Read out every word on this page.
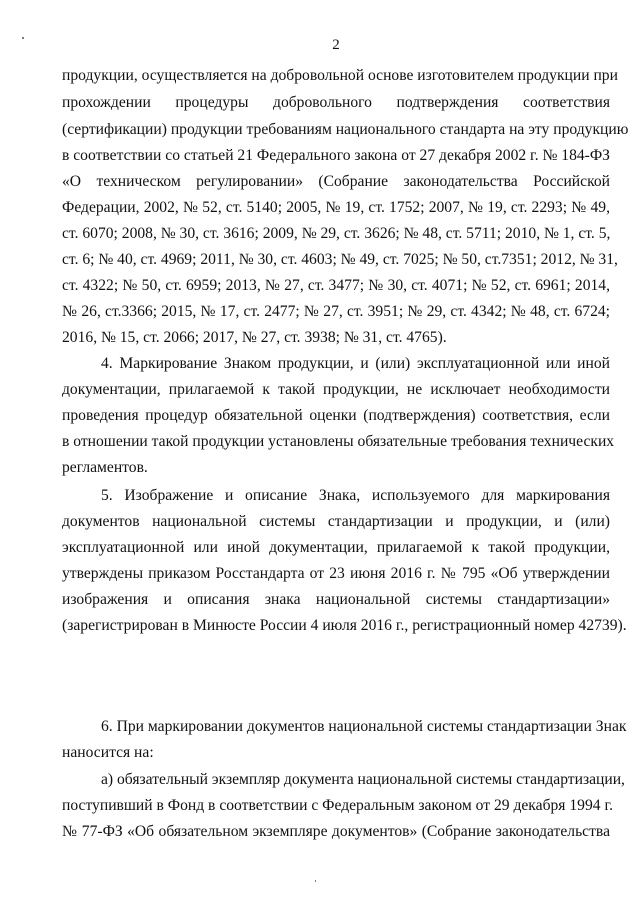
2
продукции, осуществляется на добровольной основе изготовителем продукции при
прохождении процедуры добровольного подтверждения соответствия
(сертификации) продукции требованиям национального стандарта на эту продукцию
в соответствии со статьей 21 Федерального закона от 27 декабря 2002 г. № 184-ФЗ
«О техническом регулировании» (Собрание законодательства Российской
Федерации, 2002, № 52, ст. 5140; 2005, № 19, ст. 1752; 2007, № 19, ст. 2293; № 49,
ст. 6070; 2008, № 30, ст. 3616; 2009, № 29, ст. 3626; № 48, ст. 5711; 2010, № 1, ст. 5,
ст. 6; № 40, ст. 4969; 2011, № 30, ст. 4603; № 49, ст. 7025; № 50, ст.7351; 2012, № 31,
ст. 4322; № 50, ст. 6959; 2013, № 27, ст. 3477; № 30, ст. 4071; № 52, ст. 6961; 2014,
№ 26, ст.3366; 2015, № 17, ст. 2477; № 27, ст. 3951; № 29, ст. 4342; № 48, ст. 6724;
2016, № 15, ст. 2066; 2017, № 27, ст. 3938; № 31, ст. 4765).
4. Маркирование Знаком продукции, и (или) эксплуатационной или иной
документации, прилагаемой к такой продукции, не исключает необходимости
проведения процедур обязательной оценки (подтверждения) соответствия, если
в отношении такой продукции установлены обязательные требования технических
регламентов.
5. Изображение и описание Знака, используемого для маркирования
документов национальной системы стандартизации и продукции, и (или)
эксплуатационной или иной документации, прилагаемой к такой продукции,
утверждены приказом Росстандарта от 23 июня 2016 г. № 795 «Об утверждении
изображения и описания знака национальной системы стандартизации»
(зарегистрирован в Минюсте России 4 июля 2016 г., регистрационный номер 42739).
6. При маркировании документов национальной системы стандартизации Знак
наносится на:
а) обязательный экземпляр документа национальной системы стандартизации,
поступивший в Фонд в соответствии с Федеральным законом от 29 декабря 1994 г.
№ 77-ФЗ «Об обязательном экземпляре документов» (Собрание законодательства
